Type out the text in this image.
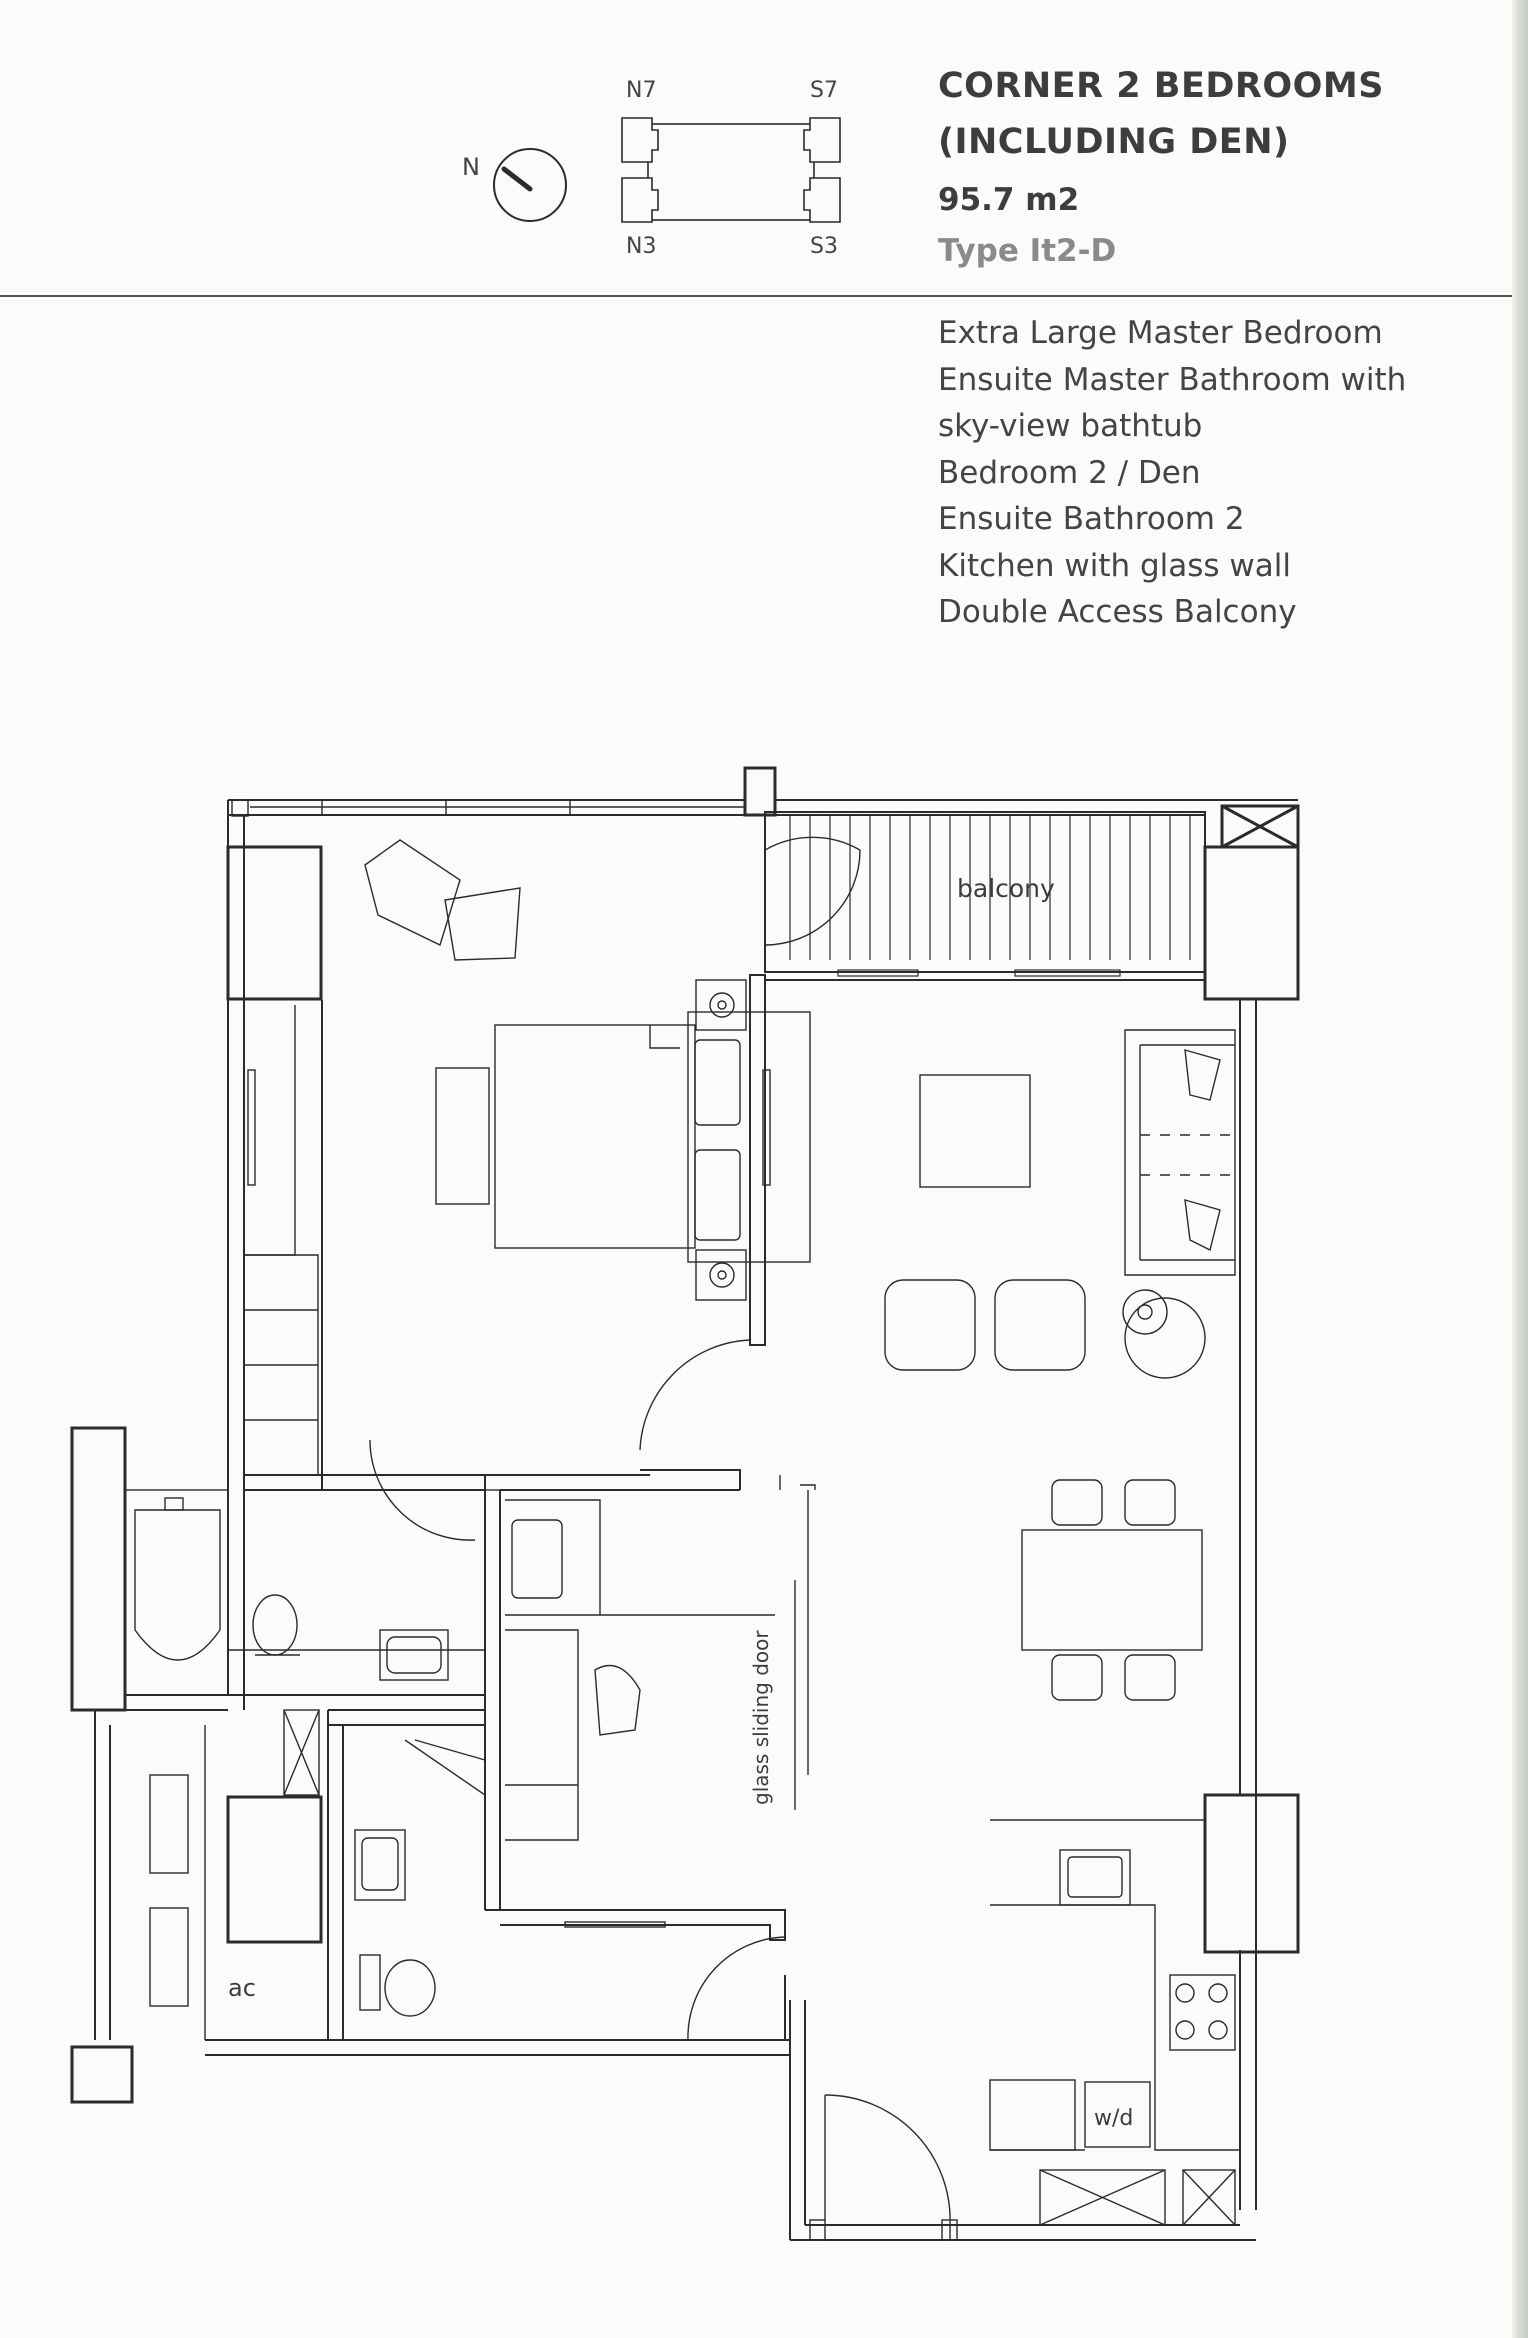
N
N7	S7
N3	S3
CORNER 2 BEDROOMS
(INCLUDING DEN)
95.7 m2
Type It2-D
Extra Large Master Bedroom
Ensuite Master Bathroom with
sky-view bathtub
Bedroom 2 / Den
Ensuite Bathroom 2
Kitchen with glass wall
Double Access Balcony
balcony
glass sliding door
ac
w/d
